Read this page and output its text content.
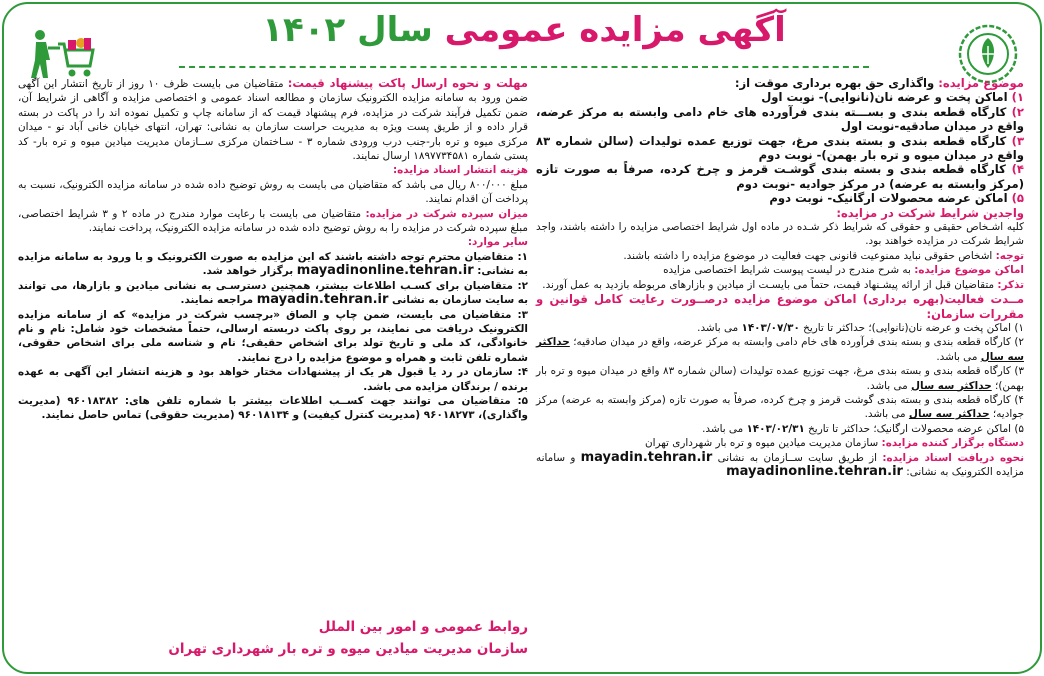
آگهی مزایده عمومی سال ۱۴۰۲

موضوع مزایده: واگذاری حق بهره برداری موقت از:

۱) اماکن پخت و عرضه نان(نانوایی)- نوبت اول

۲) کارگاه قطعه بندی و بســـته بندی فرآورده های خام دامی وابسته به مرکز عرضه، واقع در میدان صادقیه-نوبت اول

۳) کارگاه قطعه بندی و بسته بندی مرغ، جهت توزیع عمده تولیدات (سالن شماره ۸۳ واقع در میدان میوه و تره بار بهمن)- نوبت دوم

۴) کارگاه قطعه بندی و بسته بندی گوشـت قرمز و چرخ کرده، صرفاً به صورت تازه (مرکز وابسته به عرضه) در مرکز جوادیه -نوبت دوم

۵) اماکن عرضه محصولات ارگانیک- نوبت دوم

واجدین شرایط شرکت در مزایده:

کلیه اشـخاص حقیقی و حقوقی که شرایط ذکر شـده در ماده اول شرایط اختصاصی مزایده را داشته باشند، واجد شرایط شرکت در مزایده خواهند بود.

توجه: اشخاص حقوقی نباید ممنوعیت قانونی جهت فعالیت در موضوع مزایده را داشته باشند.

اماکن موضوع مزایده: به شرح مندرج در لیست پیوست شرایط اختصاصی مزایده

تذکر: متقاضیان قبل از ارائه پیشـنهاد قیمت، حتماً می بایسـت از میادین و بازارهای مربوطه بازدید به عمل آورند.

مــدت فعالیت(بهره برداری) اماکن موضوع مزایده درصــورت رعایت کامل قوانین و مقررات سازمان:

۱) اماکن پخت و عرضه نان(نانوایی)؛ حداکثر تا تاریخ ۱۴۰۳/۰۷/۳۰ می باشد.

۲) کارگاه قطعه بندی و بسته بندی فرآورده های خام دامی وابسته به مرکز عرضه، واقع در میدان صادقیه؛ حداکثر سه سال می باشد.

۳) کارگاه قطعه بندی و بسته بندی مرغ، جهت توزیع عمده تولیدات (سالن شماره ۸۳ واقع در میدان میوه و تره بار بهمن)؛ حداکثر سه سال می باشد.

۴) کارگاه قطعه بندی و بسته بندی گوشت قرمز و چرخ کرده، صرفاً به صورت تازه (مرکز وابسته به عرضه) مرکز جوادیه؛ حداکثر سه سال می باشد.

۵) اماکن عرضه محصولات ارگانیک؛ حداکثر تا تاریخ ۱۴۰۳/۰۲/۳۱ می باشد.

دستگاه برگزار کننده مزایده: سازمان مدیریت میادین میوه و تره بار شهرداری تهران

نحوه دریافت اسناد مزایده: از طریق سایت ســازمان به نشانی mayadin.tehran.ir و سامانه مزایده الکترونیک به نشانی: mayadinonline.tehran.ir

مهلت و نحوه ارسال پاکت پیشنهاد قیمت: متقاضیان می بایست ظرف ۱۰ روز از تاریخ انتشار این آگهی ضمن ورود به سامانه مزایده الکترونیک سازمان و مطالعه اسناد عمومی و اختصاصی مزایده و آگاهی از شرایط آن، ضمن تکمیل فرآیند شرکت در مزایده، فرم پیشنهاد قیمت که از سامانه چاپ و تکمیل نموده اند را در پاکت در بسته قرار داده و از طریق پست ویژه به مدیریت حراست سازمان به نشانی: تهران، انتهای خیابان خانی آباد نو - میدان مرکزی میوه و تره بار-جنب درب ورودی شماره ۳ - سـاختمان مرکزی ســازمان مدیریت میادین میوه و تره بار- کد پستی شماره ۱۸۹۷۷۳۴۵۸۱ ارسال نمایند.

هزینه انتشار اسناد مزایده:

مبلغ ۸۰۰/۰۰۰ ریال می باشد که متقاضیان می بایست به روش توضیح داده شده در سامانه مزایده الکترونیک، نسبت به پرداخت آن اقدام نمایند.

میزان سپرده شرکت در مزایده: متقاضیان می بایست با رعایت موارد مندرج در ماده ۲ و ۳ شرایط اختصاصی، مبلغ سپرده شرکت در مزایده را به روش توضیح داده شده در سامانه مزایده الکترونیک، پرداخت نمایند.

سایر موارد:

۱: متقاضیان محترم توجه داشته باشند که این مزایده به صورت الکترونیک و با ورود به سامانه مزایده به نشانی: mayadinonline.tehran.ir برگزار خواهد شد.

۲: متقاضیان برای کسـب اطلاعات بیشتر، همچنین دسترسـی به نشانی میادین و بازارها، می توانند به سایت سازمان به نشانی mayadin.tehran.ir مراجعه نمایند.

۳: متقاضیان می بایست، ضمن چاپ و الصاق «برچسب شرکت در مزایده» که از سامانه مزایده الکترونیک دریافت می نمایند، بر روی پاکت دربسته ارسالی، حتماً مشخصات خود شامل: نام و نام خانوادگی، کد ملی و تاریخ تولد برای اشخاص حقیقی؛ نام و شناسه ملی برای اشخاص حقوقی، شماره تلفن ثابت و همراه و موضوع مزایده را درج نمایند.

۴: سازمان در رد یا قبول هر یک از پیشنهادات مختار خواهد بود و هزینه انتشار این آگهی به عهده برنده / برندگان مزایده می باشد.

۵: متقاضیان می توانند جهت کســب اطلاعات بیشتر با شماره تلفن های: ۹۶۰۱۸۳۸۲ (مدیریت واگذاری)، ۹۶۰۱۸۲۷۳ (مدیریت کنترل کیفیت) و ۹۶۰۱۸۱۳۴ (مدیریت حقوقی) تماس حاصل نمایند.

روابط عمومی و امور بین الملل
سازمان مدیریت میادین میوه و تره بار شهرداری تهران
